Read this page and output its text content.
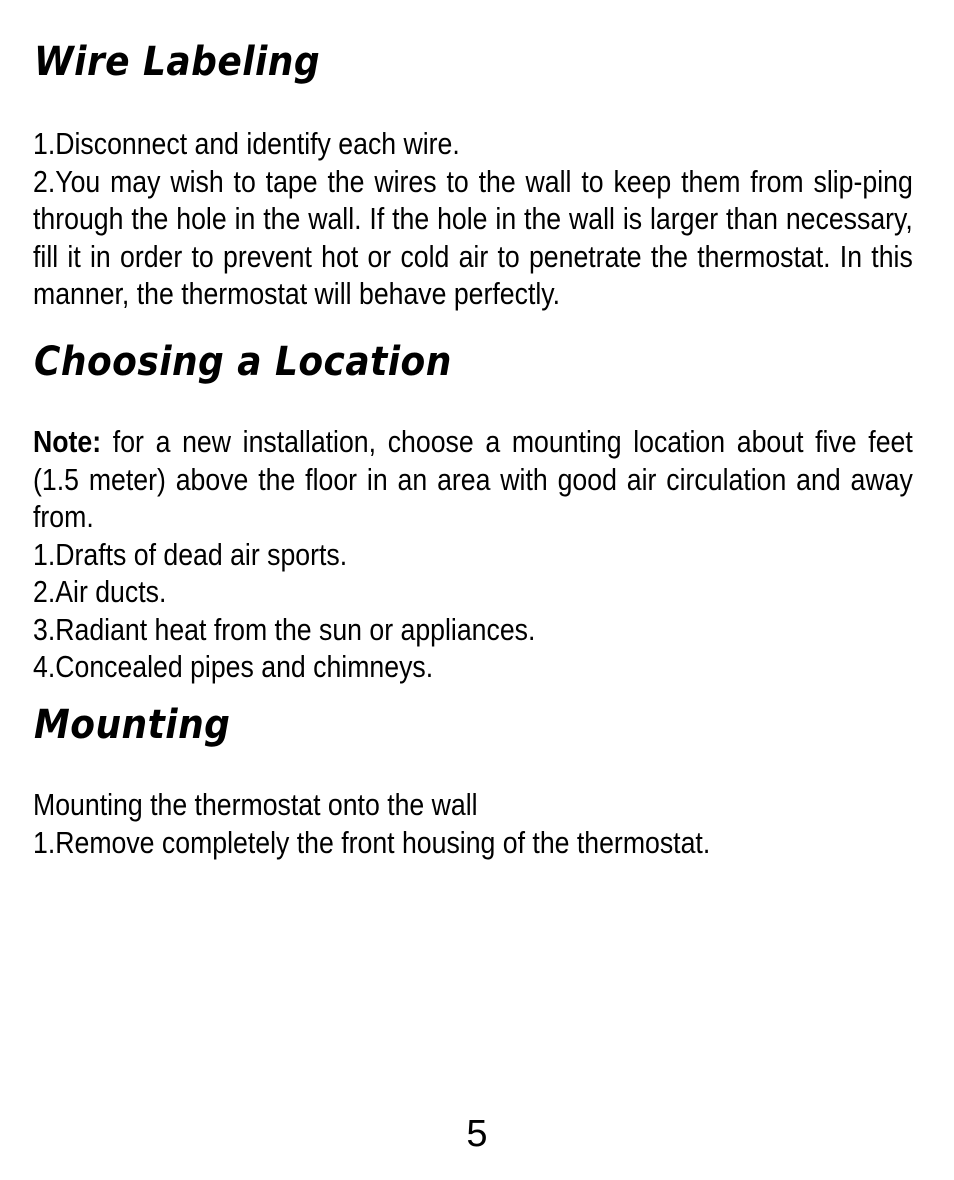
Wire Labeling
1.Disconnect and identify each wire.
2.You may wish to tape the wires to the wall to keep them from slip-ping through the hole in the wall. If the hole in the wall is larger than necessary, fill it in order to prevent hot or cold air to penetrate the thermostat. In this manner, the thermostat will behave perfectly.
Choosing a Location
Note: for a new installation, choose a mounting location about five feet (1.5 meter) above the floor in an area with good air circulation and away from.
1.Drafts of dead air sports.
2.Air ducts.
3.Radiant heat from the sun or appliances.
4.Concealed pipes and chimneys.
Mounting
Mounting the thermostat onto the wall
1.Remove completely the front housing of the thermostat.
5
